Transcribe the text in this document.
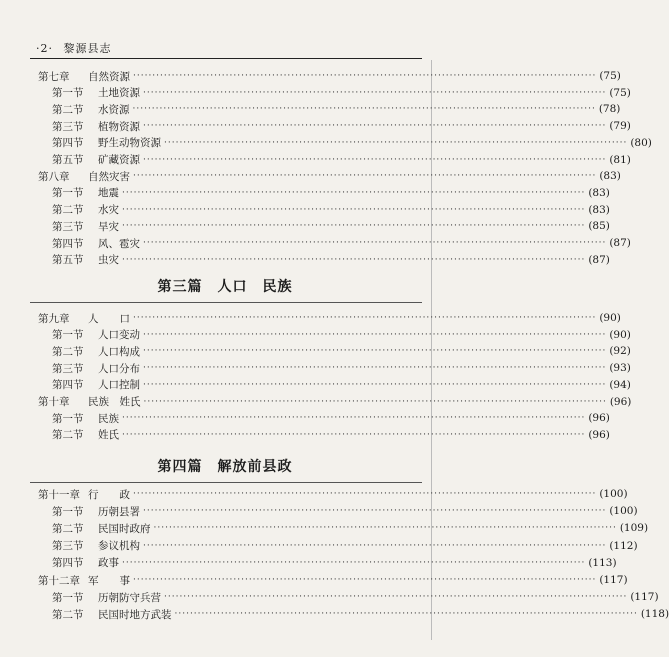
·2· 黎源县志
第三篇　人口　民族
第四篇　解放前县政
第七章 自然资源 ························································································································ (75)
第一节 土地资源 ························································································································ (75)
第二节 水资源 ························································································································ (78)
第三节 植物资源 ························································································································ (79)
第四节 野生动物资源 ························································································································ (80)
第五节 矿藏资源 ························································································································ (81)
第八章 自然灾害 ························································································································ (83)
第一节 地震 ························································································································ (83)
第二节 水灾 ························································································································ (83)
第三节 旱灾 ························································································································ (85)
第四节 风、雹灾 ························································································································ (87)
第五节 虫灾 ························································································································ (87)
第九章 人　　口 ························································································································ (90)
第一节 人口变动 ························································································································ (90)
第二节 人口构成 ························································································································ (92)
第三节 人口分布 ························································································································ (93)
第四节 人口控制 ························································································································ (94)
第十章 民族　姓氏 ························································································································ (96)
第一节 民族 ························································································································ (96)
第二节 姓氏 ························································································································ (96)
第十一章 行　　政 ························································································································ (100)
第一节 历朝县署 ························································································································ (100)
第二节 民国时政府 ························································································································ (109)
第三节 参议机构 ························································································································ (112)
第四节 政事 ························································································································ (113)
第十二章 军　　事 ························································································································ (117)
第一节 历朝防守兵营 ························································································································ (117)
第二节 民国时地方武装 ························································································································ (118)
